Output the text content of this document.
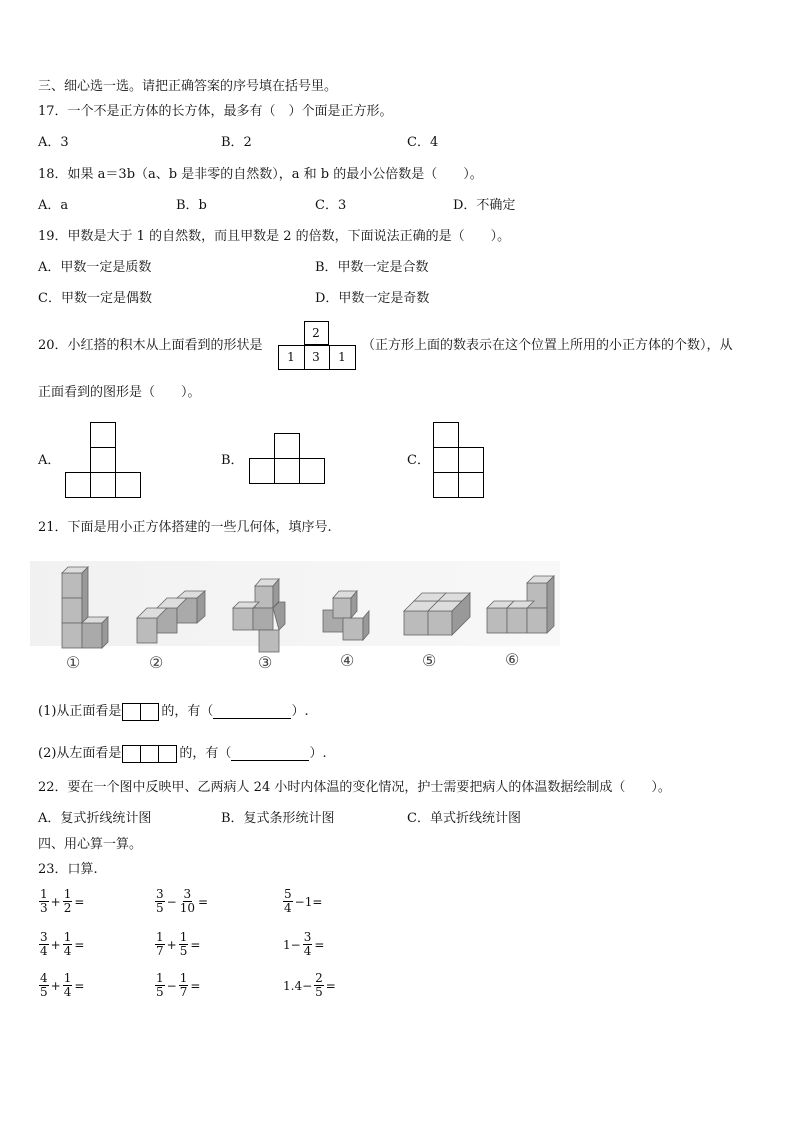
三、细心选一选。请把正确答案的序号填在括号里。
17．一个不是正方体的长方体，最多有（　）个面是正方形。
A．3	B．2	C．4
18．如果 a＝3b（a、b 是非零的自然数），a 和 b 的最小公倍数是（　　）。
A．a	B．b	C．3	D．不确定
19．甲数是大于 1 的自然数，而且甲数是 2 的倍数，下面说法正确的是（　　）。
A．甲数一定是质数	B．甲数一定是合数
C．甲数一定是偶数	D．甲数一定是奇数
20．小红搭的积木从上面看到的形状是
2
1	3	1
（正方形上面的数表示在这个位置上所用的小正方体的个数），从
正面看到的图形是（　　）。
A．	B．	C．
21．下面是用小正方体搭建的一些几何体，填序号.
①	②	③	④	⑤	⑥
(1)从正面看是	的，有（	）.
(2)从左面看是	的，有（	）.
22．要在一个图中反映甲、乙两病人 24 小时内体温的变化情况，护士需要把病人的体温数据绘制成（　　）。
A．复式折线统计图	B．复式条形统计图	C．单式折线统计图
四、用心算一算。
23．口算.
$\frac{1}{3} + \frac{1}{2}$ =	$\frac{3}{5} - \frac{3}{10}$ =	$\frac{5}{4} -1=$
$\frac{3}{4} + \frac{1}{4}$ =	$\frac{1}{7} + \frac{1}{5}$ =	$1- \frac{3}{4}$ =
$\frac{4}{5} + \frac{1}{4}$ =	$\frac{1}{5} - \frac{1}{7}$ =	$1.4- \frac{2}{5}$ =
